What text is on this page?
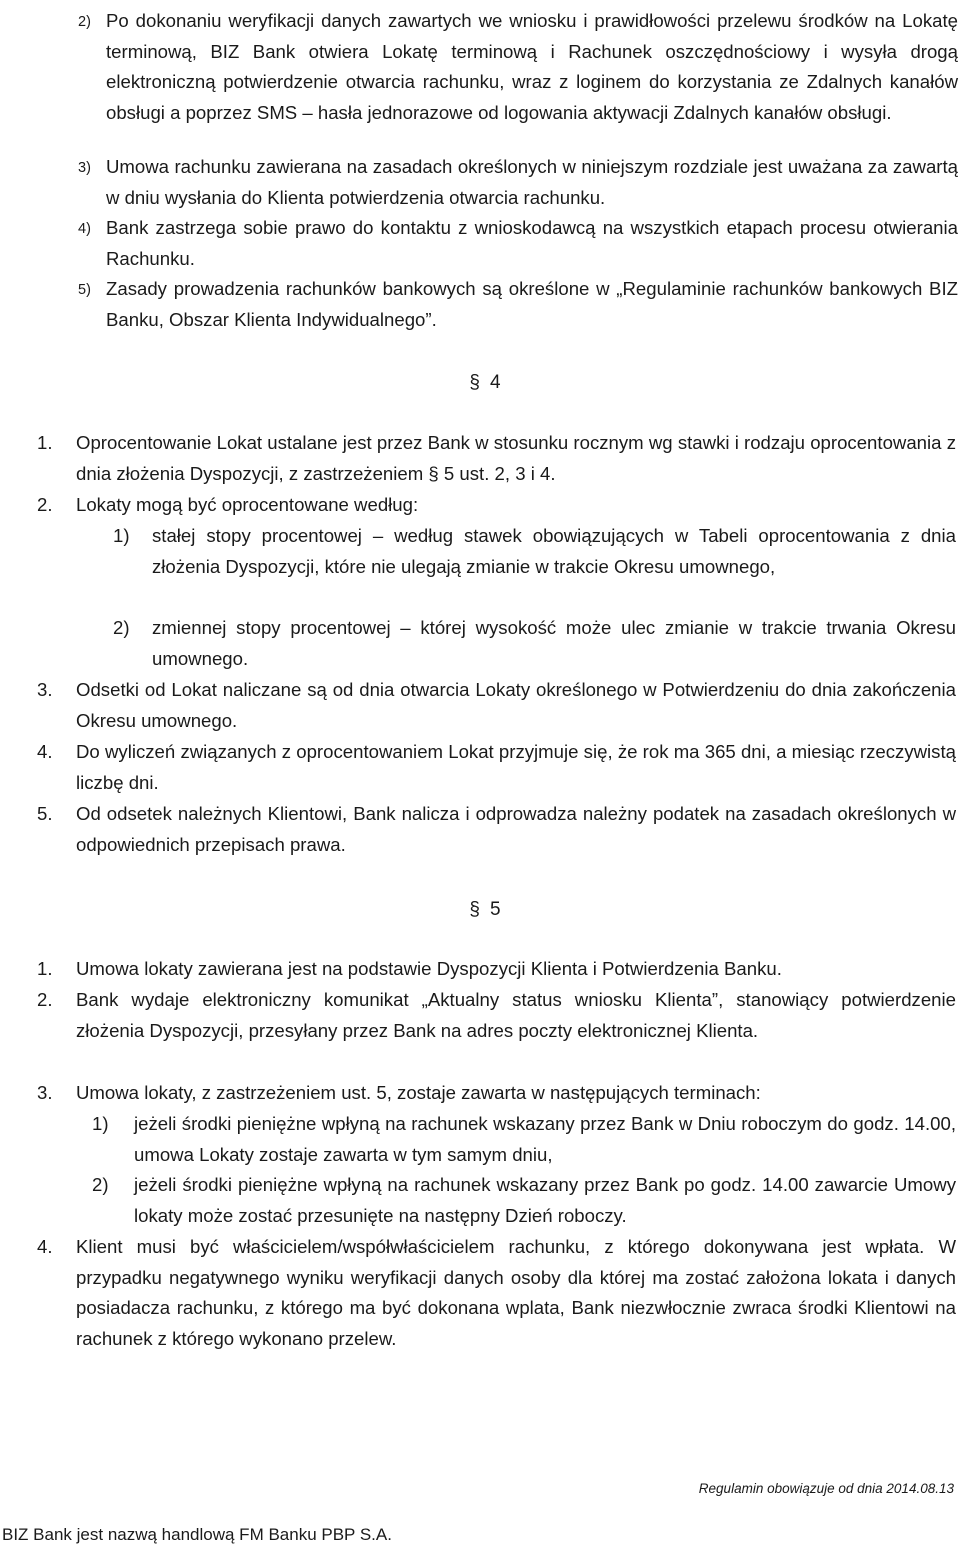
2) Po dokonaniu weryfikacji danych zawartych we wniosku i prawidłowości przelewu środków na Lokatę terminową, BIZ Bank otwiera Lokatę terminową i Rachunek oszczędnościowy i wysyła drogą elektroniczną potwierdzenie otwarcia rachunku, wraz z loginem do korzystania ze Zdalnych kanałów obsługi a poprzez SMS – hasła jednorazowe od logowania aktywacji Zdalnych kanałów obsługi.
3) Umowa rachunku zawierana na zasadach określonych w niniejszym rozdziale jest uważana za zawartą w dniu wysłania do Klienta potwierdzenia otwarcia rachunku.
4) Bank zastrzega sobie prawo do kontaktu z wnioskodawcą na wszystkich etapach procesu otwierania Rachunku.
5) Zasady prowadzenia rachunków bankowych są określone w „Regulaminie rachunków bankowych BIZ Banku, Obszar Klienta Indywidualnego”.
§ 4
1. Oprocentowanie Lokat ustalane jest przez Bank w stosunku rocznym wg stawki i rodzaju oprocentowania z dnia złożenia Dyspozycji, z zastrzeżeniem § 5 ust. 2, 3 i 4.
2. Lokaty mogą być oprocentowane według:
1) stałej stopy procentowej – według stawek obowiązujących w Tabeli oprocentowania z dnia złożenia Dyspozycji, które nie ulegają zmianie w trakcie Okresu umownego,
2) zmiennej stopy procentowej – której wysokość może ulec zmianie w trakcie trwania Okresu umownego.
3. Odsetki od Lokat naliczane są od dnia otwarcia Lokaty określonego w Potwierdzeniu do dnia zakończenia Okresu umownego.
4. Do wyliczeń związanych z oprocentowaniem Lokat przyjmuje się, że rok ma 365 dni, a miesiąc rzeczywistą liczbę dni.
5. Od odsetek należnych Klientowi, Bank nalicza i odprowadza należny podatek na zasadach określonych w odpowiednich przepisach prawa.
§ 5
1. Umowa lokaty zawierana jest na podstawie Dyspozycji Klienta i Potwierdzenia Banku.
2. Bank wydaje elektroniczny komunikat „Aktualny status wniosku Klienta”, stanowiący potwierdzenie złożenia Dyspozycji, przesyłany przez Bank na adres poczty elektronicznej Klienta.
3. Umowa lokaty, z zastrzeżeniem ust. 5, zostaje zawarta w następujących terminach:
1) jeżeli środki pieniężne wpłyną na rachunek wskazany przez Bank w Dniu roboczym do godz. 14.00, umowa Lokaty zostaje zawarta w tym samym dniu,
2) jeżeli środki pieniężne wpłyną na rachunek wskazany przez Bank po godz. 14.00 zawarcie Umowy lokaty może zostać przesunięte na następny Dzień roboczy.
4. Klient musi być właścicielem/współwłaścicielem rachunku, z którego dokonywana jest wpłata. W przypadku negatywnego wyniku weryfikacji danych osoby dla której ma zostać założona lokata i danych posiadacza rachunku, z którego ma być dokonana wplata, Bank niezwłocznie zwraca środki Klientowi na rachunek z którego wykonano przelew.
Regulamin obowiązuje od dnia 2014.08.13
BIZ Bank jest nazwą handlową FM Banku PBP S.A.
